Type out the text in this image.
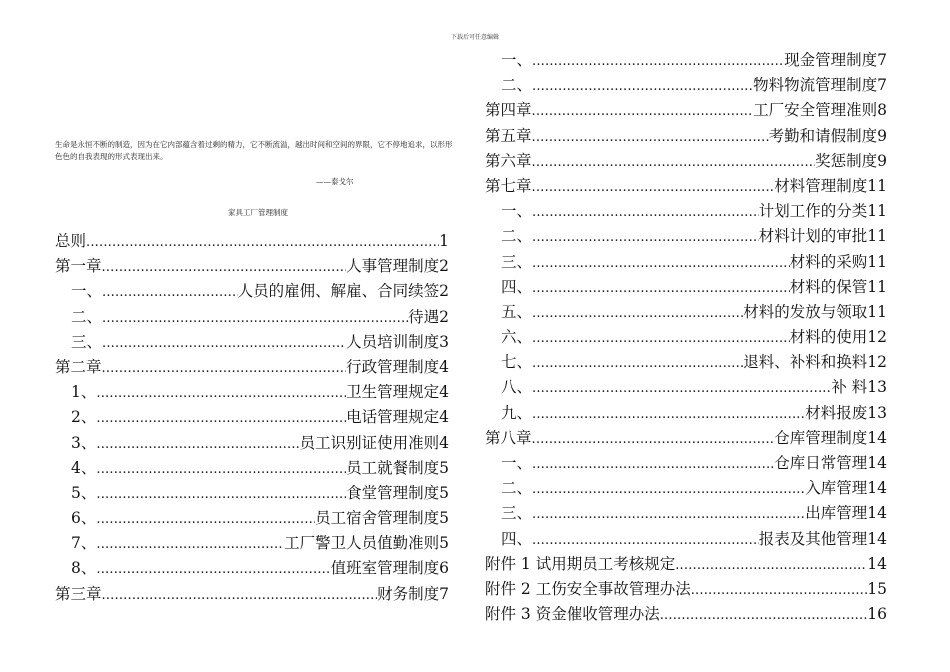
下载后可任意编辑
生命是永恒不断的制造，因为在它内部蕴含着过剩的精力，它不断流溢，越出时间和空间的界限，它不停地追求，以形形色色的自我表现的形式表现出来。
——泰戈尔
家具工厂管理制度
总则 .....	1
第一章 .....	人事管理制度 2
一、 .....	人员的雇佣、解雇、合同续签 2
二、 .....	待遇 2
三、 .....	人员培训制度 3
第二章 .....	行政管理制度 4
1、 .....	卫生管理规定 4
2、 .....	电话管理规定 4
3、 .....	员工识别证使用准则 4
4、 .....	员工就餐制度 5
5、 .....	食堂管理制度 5
6、 .....	员工宿舍管理制度 5
7、 .....	工厂警卫人员值勤准则 5
8、 .....	值班室管理制度 6
第三章 .....	财务制度 7
一、 .....	现金管理制度 7
二、 .....	物料物流管理制度 7
第四章 .....	工厂安全管理准则 8
第五章 .....	考勤和请假制度 9
第六章 .....	奖惩制度 9
第七章 .....	材料管理制度 11
一、 .....	计划工作的分类 11
二、 .....	材料计划的审批 11
三、 .....	材料的采购 11
四、 .....	材料的保管 11
五、 .....	材料的发放与领取 11
六、 .....	材料的使用 12
七、 .....	退料、补料和换料 12
八、 .....	补 料 13
九、 .....	材料报废 13
第八章 .....	仓库管理制度 14
一、 .....	仓库日常管理 14
二、 .....	入库管理 14
三、 .....	出库管理 14
四、 .....	报表及其他管理 14
附件 1 试用期员工考核规定 .....	14
附件 2 工伤安全事故管理办法 .....	15
附件 3 资金催收管理办法 .....	16
